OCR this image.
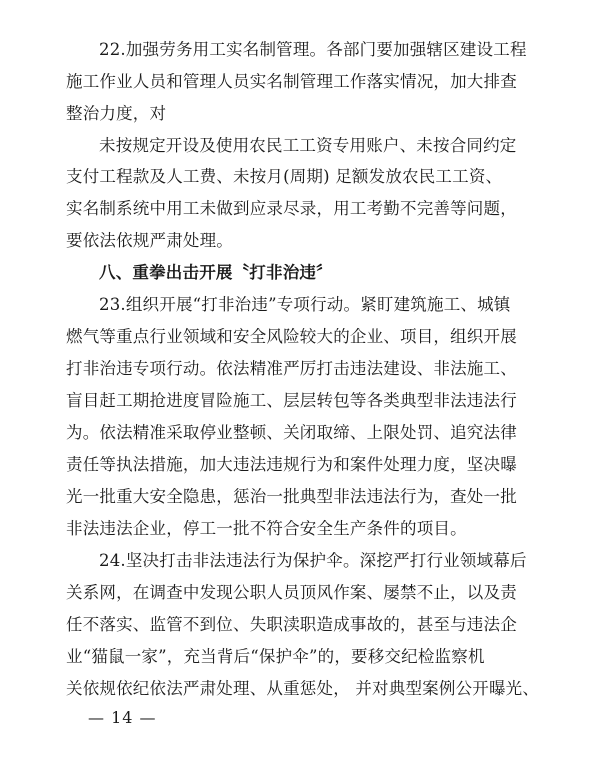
22.加强劳务用工实名制管理。各部门要加强辖区建设工程
施工作业人员和管理人员实名制管理工作落实情况，加大排查
整治力度，对
未按规定开设及使用农民工工资专用账户、未按合同约定
支付工程款及人工费、未按月(周期) 足额发放农民工工资、
实名制系统中用工未做到应录尽录，用工考勤不完善等问题，
要依法依规严肃处理。
八、重拳出击开展〝打非治违〞
23.组织开展“打非治违”专项行动。紧盯建筑施工、城镇
燃气等重点行业领域和安全风险较大的企业、项目，组织开展
打非治违专项行动。依法精准严厉打击违法建设、非法施工、
盲目赶工期抢进度冒险施工、层层转包等各类典型非法违法行
为。依法精准采取停业整顿、关闭取缔、上限处罚、追究法律
责任等执法措施，加大违法违规行为和案件处理力度，坚决曝
光一批重大安全隐患，惩治一批典型非法违法行为，查处一批
非法违法企业，停工一批不符合安全生产条件的项目。
24.坚决打击非法违法行为保护伞。深挖严打行业领域幕后
关系网，在调查中发现公职人员顶风作案、屡禁不止，以及责
任不落实、监管不到位、失职渎职造成事故的，甚至与违法企
业“猫鼠一家”，充当背后“保护伞”的，要移交纪检监察机
关依规依纪依法严肃处理、从重惩处， 并对典型案例公开曝光、
— 14 —
